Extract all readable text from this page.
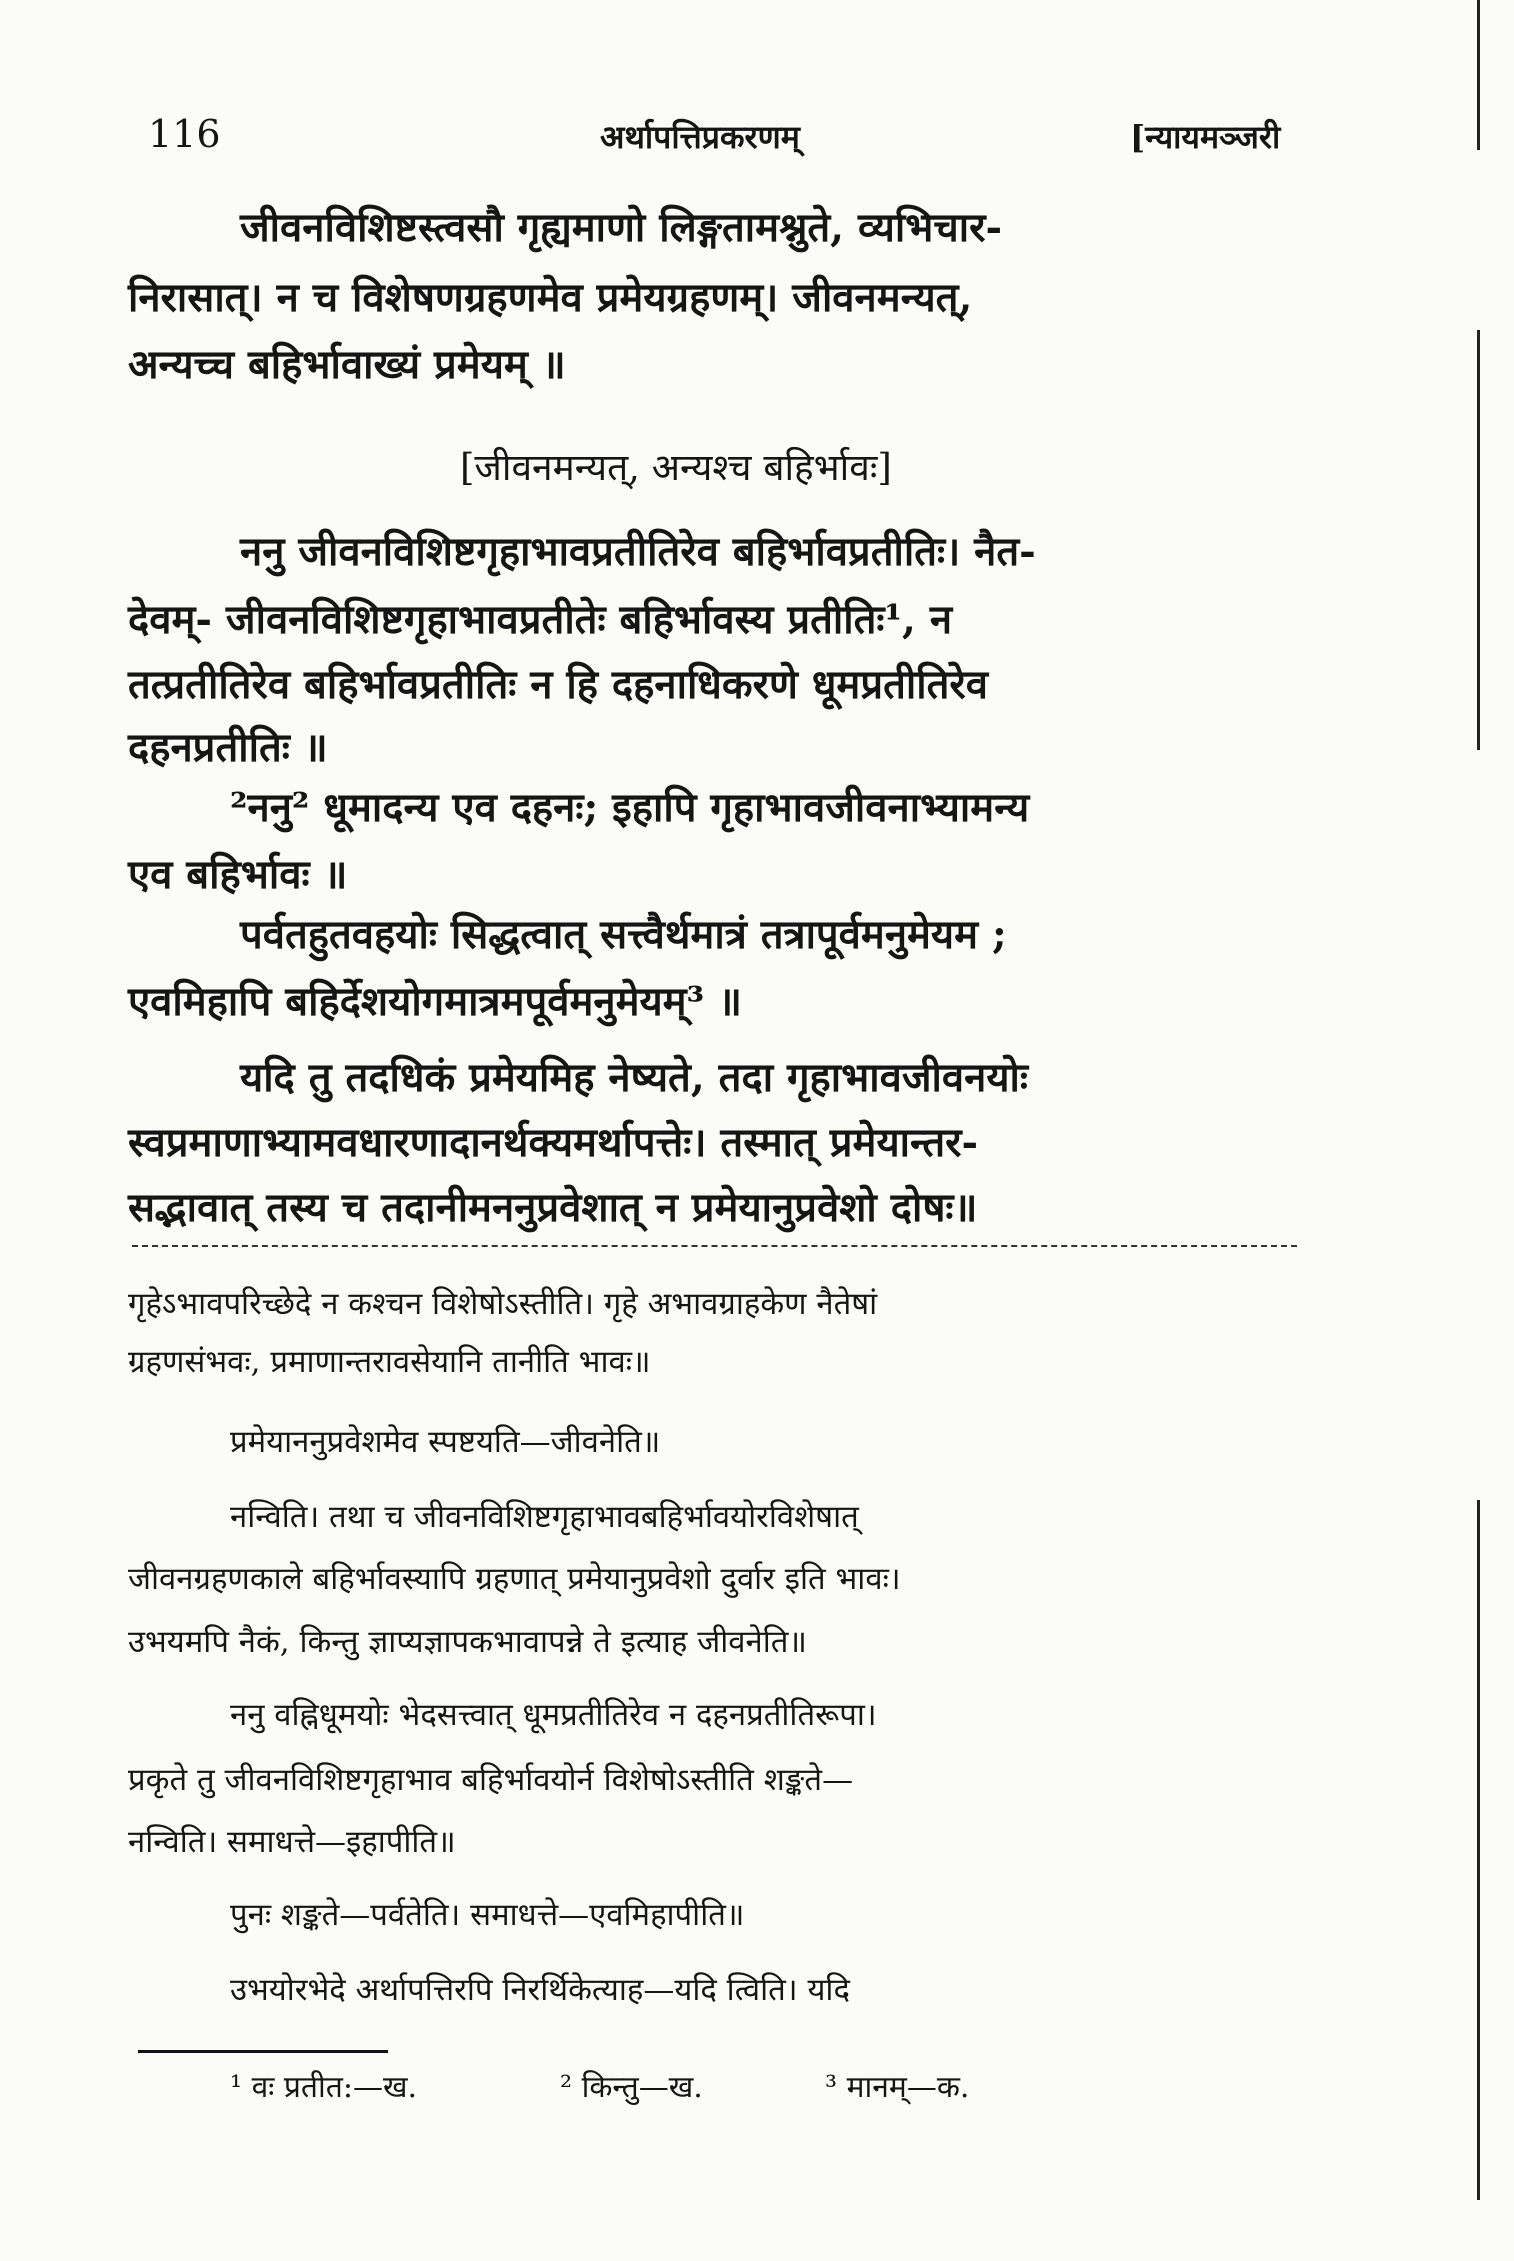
116	अर्थापत्तिप्रकरणम्	[न्यायमञ्जरी
जीवनविशिष्टस्त्वसौ गृह्यमाणो लिङ्गतामश्नुते, व्यभिचार-
निरासात्। न च विशेषणग्रहणमेव प्रमेयग्रहणम्। जीवनमन्यत्,
अन्यच्च बहिर्भावाख्यं प्रमेयम् ॥
[जीवनमन्यत्, अन्यश्च बहिर्भावः]
ननु जीवनविशिष्टगृहाभावप्रतीतिरेव बहिर्भावप्रतीतिः। नैत-
देवम्- जीवनविशिष्टगृहाभावप्रतीतेः बहिर्भावस्य प्रतीतिः¹, न
तत्प्रतीतिरेव बहिर्भावप्रतीतिः न हि दहनाधिकरणे धूमप्रतीतिरेव
दहनप्रतीतिः ॥
²ननु² धूमादन्य एव दहनः; इहापि गृहाभावजीवनाभ्यामन्य
एव बहिर्भावः ॥
पर्वतहुतवहयोः सिद्धत्वात् सत्त्वैर्थमात्रं तत्रापूर्वमनुमेयम ;
एवमिहापि बहिर्देशयोगमात्रमपूर्वमनुमेयम्³ ॥
यदि तु तदधिकं प्रमेयमिह नेष्यते, तदा गृहाभावजीवनयोः
स्वप्रमाणाभ्यामवधारणादानर्थक्यमर्थापत्तेः। तस्मात् प्रमेयान्तर-
सद्भावात् तस्य च तदानीमननुप्रवेशात् न प्रमेयानुप्रवेशो दोषः॥
गृहेऽभावपरिच्छेदे न कश्चन विशेषोऽस्तीति। गृहे अभावग्राहकेण नैतेषां
ग्रहणसंभवः, प्रमाणान्तरावसेयानि तानीति भावः॥
प्रमेयाननुप्रवेशमेव स्पष्टयति—जीवनेति॥
नन्विति। तथा च जीवनविशिष्टगृहाभावबहिर्भावयोरविशेषात्
जीवनग्रहणकाले बहिर्भावस्यापि ग्रहणात् प्रमेयानुप्रवेशो दुर्वार इति भावः।
उभयमपि नैकं, किन्तु ज्ञाप्यज्ञापकभावापन्ने ते इत्याह जीवनेति॥
ननु वह्निधूमयोः भेदसत्त्वात् धूमप्रतीतिरेव न दहनप्रतीतिरूपा।
प्रकृते तु जीवनविशिष्टगृहाभाव बहिर्भावयोर्न विशेषोऽस्तीति शङ्कते—
नन्विति। समाधत्ते—इहापीति॥
पुनः शङ्कते—पर्वतेति। समाधत्ते—एवमिहापीति॥
उभयोरभेदे अर्थापत्तिरपि निरर्थिकेत्याह—यदि त्विति। यदि
¹ वः प्रतीत:—ख.	² किन्तु—ख.	³ मानम्—क.
